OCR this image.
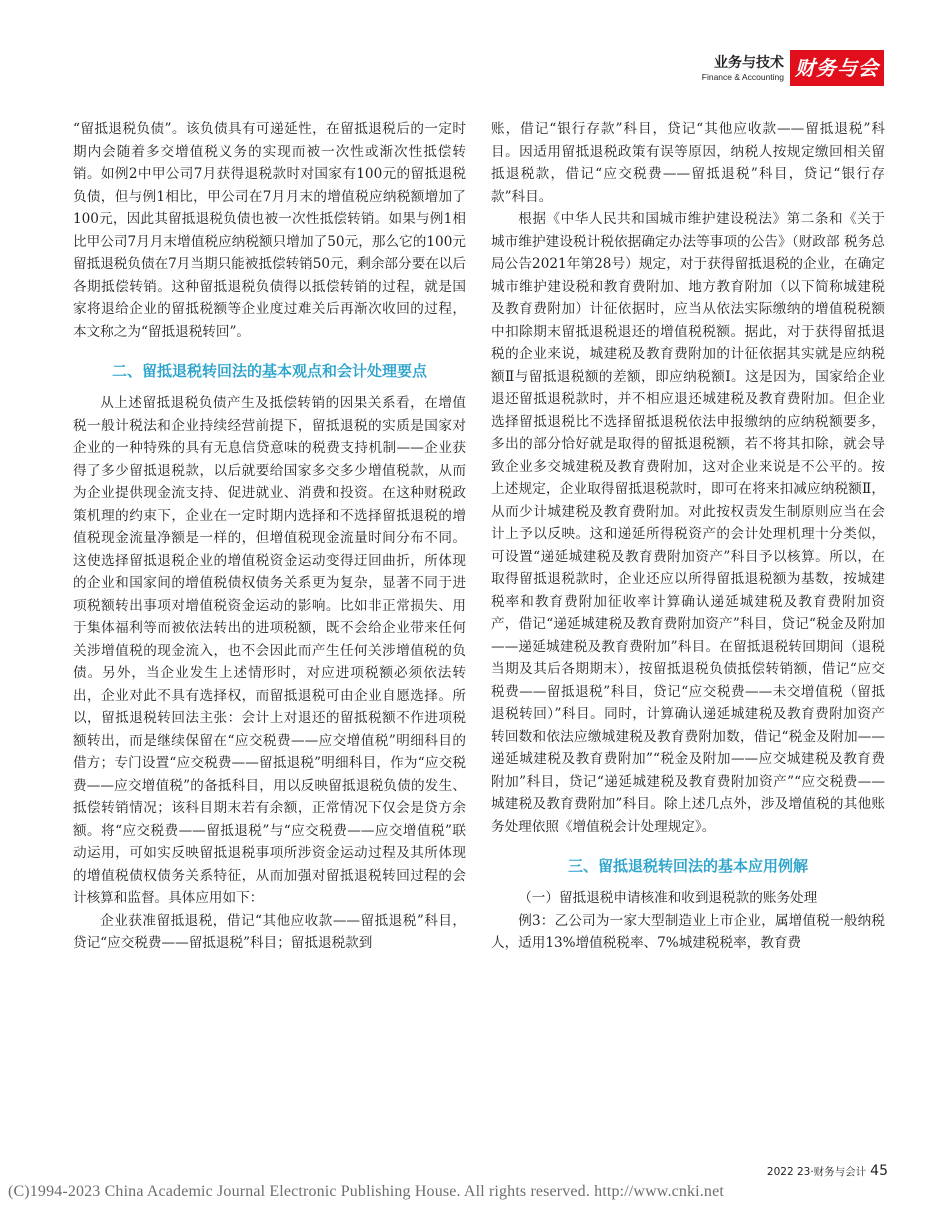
业务与技术
Finance & Accounting 财务与会计

“留抵退税负债”。该负债具有可递延性，在留抵退税后的一定时期内会随着多交增值税义务的实现而被一次性或渐次性抵偿转销。如例2中甲公司7月获得退税款时对国家有100元的留抵退税负债，但与例1相比，甲公司在7月月末的增值税应纳税额增加了100元，因此其留抵退税负债也被一次性抵偿转销。如果与例1相比甲公司7月月末增值税应纳税额只增加了50元，那么它的100元留抵退税负债在7月当期只能被抵偿转销50元，剩余部分要在以后各期抵偿转销。这种留抵退税负债得以抵偿转销的过程，就是国家将退给企业的留抵税额等企业度过难关后再渐次收回的过程，本文称之为“留抵退税转回”。

二、留抵退税转回法的基本观点和会计处理要点

从上述留抵退税负债产生及抵偿转销的因果关系看，在增值税一般计税法和企业持续经营前提下，留抵退税的实质是国家对企业的一种特殊的具有无息信贷意味的税费支持机制——企业获得了多少留抵退税款，以后就要给国家多交多少增值税款，从而为企业提供现金流支持、促进就业、消费和投资。在这种财税政策机理的约束下，企业在一定时期内选择和不选择留抵退税的增值税现金流量净额是一样的，但增值税现金流量时间分布不同。这使选择留抵退税企业的增值税资金运动变得迂回曲折，所体现的企业和国家间的增值税债权债务关系更为复杂，显著不同于进项税额转出事项对增值税资金运动的影响。比如非正常损失、用于集体福利等而被依法转出的进项税额，既不会给企业带来任何关涉增值税的现金流入，也不会因此而产生任何关涉增值税的负债。另外，当企业发生上述情形时，对应进项税额必须依法转出，企业对此不具有选择权，而留抵退税可由企业自愿选择。所以，留抵退税转回法主张：会计上对退还的留抵税额不作进项税额转出，而是继续保留在“应交税费——应交增值税”明细科目的借方；专门设置“应交税费——留抵退税”明细科目，作为“应交税费——应交增值税”的备抵科目，用以反映留抵退税负债的发生、抵偿转销情况；该科目期末若有余额，正常情况下仅会是贷方余额。将“应交税费——留抵退税”与“应交税费——应交增值税”联动运用，可如实反映留抵退税事项所涉资金运动过程及其所体现的增值税债权债务关系特征，从而加强对留抵退税转回过程的会计核算和监督。具体应用如下：

企业获准留抵退税，借记“其他应收款——留抵退税”科目，贷记“应交税费——留抵退税”科目；留抵退税款到

账，借记“银行存款”科目，贷记“其他应收款——留抵退税”科目。因适用留抵退税政策有误等原因，纳税人按规定缴回相关留抵退税款，借记“应交税费——留抵退税”科目，贷记“银行存款”科目。

根据《中华人民共和国城市维护建设税法》第二条和《关于城市维护建设税计税依据确定办法等事项的公告》（财政部 税务总局公告2021年第28号）规定，对于获得留抵退税的企业，在确定城市维护建设税和教育费附加、地方教育附加（以下简称城建税及教育费附加）计征依据时，应当从依法实际缴纳的增值税税额中扣除期末留抵退税退还的增值税税额。据此，对于获得留抵退税的企业来说，城建税及教育费附加的计征依据其实就是应纳税额Ⅱ与留抵退税额的差额，即应纳税额Ⅰ。这是因为，国家给企业退还留抵退税款时，并不相应退还城建税及教育费附加。但企业选择留抵退税比不选择留抵退税依法申报缴纳的应纳税额要多，多出的部分恰好就是取得的留抵退税额，若不将其扣除，就会导致企业多交城建税及教育费附加，这对企业来说是不公平的。按上述规定，企业取得留抵退税款时，即可在将来扣减应纳税额Ⅱ，从而少计城建税及教育费附加。对此按权责发生制原则应当在会计上予以反映。这和递延所得税资产的会计处理机理十分类似，可设置“递延城建税及教育费附加资产”科目予以核算。所以，在取得留抵退税款时，企业还应以所得留抵退税额为基数，按城建税率和教育费附加征收率计算确认递延城建税及教育费附加资产，借记“递延城建税及教育费附加资产”科目，贷记“税金及附加——递延城建税及教育费附加”科目。在留抵退税转回期间（退税当期及其后各期期末），按留抵退税负债抵偿转销额，借记“应交税费——留抵退税”科目，贷记“应交税费——未交增值税（留抵退税转回）”科目。同时，计算确认递延城建税及教育费附加资产转回数和依法应缴城建税及教育费附加数，借记“税金及附加——递延城建税及教育费附加”“税金及附加——应交城建税及教育费附加”科目，贷记“递延城建税及教育费附加资产”“应交税费——城建税及教育费附加”科目。除上述几点外，涉及增值税的其他账务处理依照《增值税会计处理规定》。

三、留抵退税转回法的基本应用例解

（一）留抵退税申请核准和收到退税款的账务处理

例3：乙公司为一家大型制造业上市企业，属增值税一般纳税人，适用13%增值税税率、7%城建税税率，教育费

2022 23·财务与会计 45
(C)1994-2023 China Academic Journal Electronic Publishing House. All rights reserved. http://www.cnki.net
